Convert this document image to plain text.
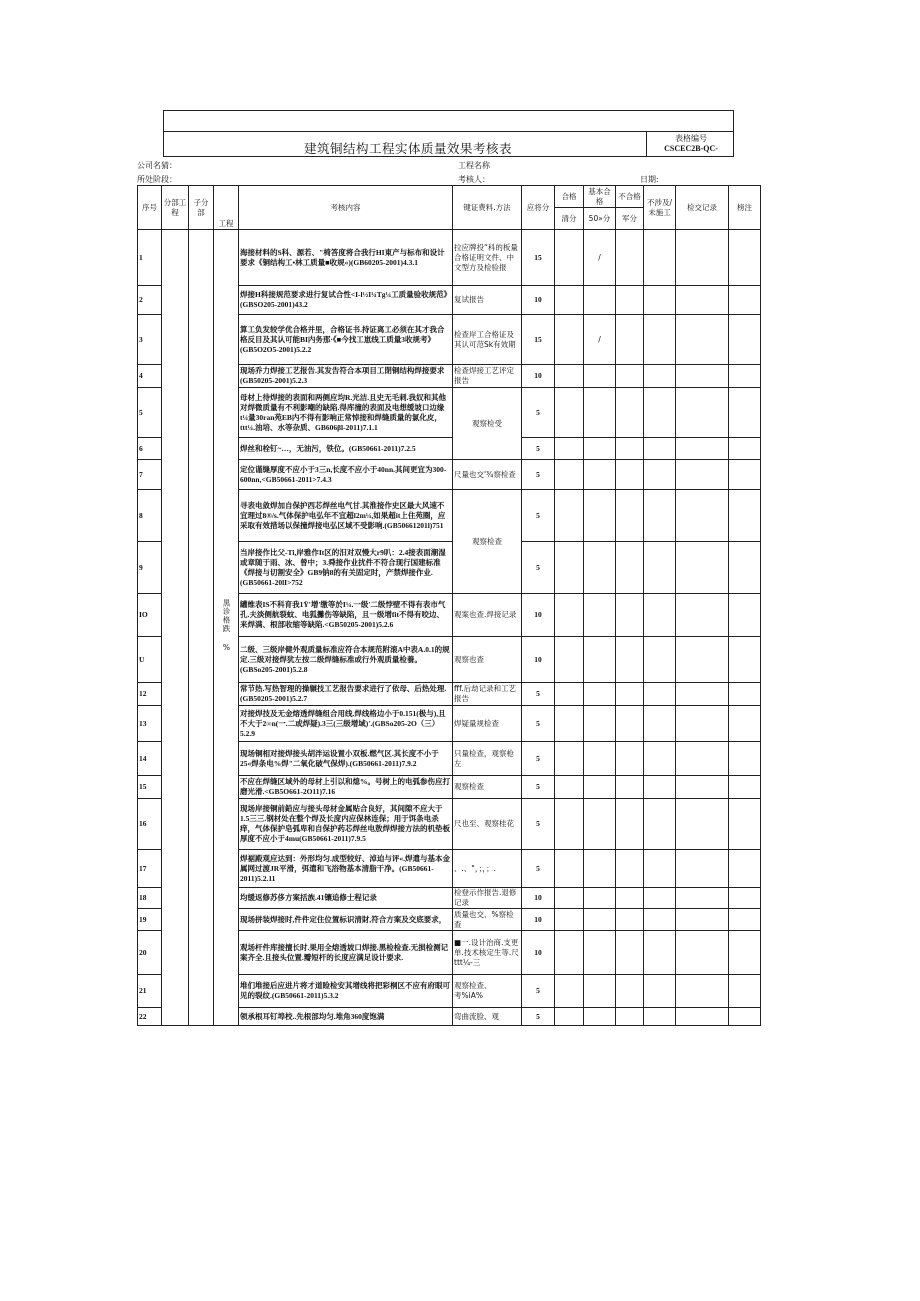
建筑铜结构工程实体质量效果考核表
表格编号
CSCEC2B-QC-
公司名猜：	工程名称
所处阶段：	考核人：	日期:
序号	分部工程	子分部	工程	考核内容	键证费料.方法	应将分	合格	基本合格	不合格	不涉及/未施工	检交记录	榜注	
							清分	50»分	军分				
1			黑诊格跌 %	海接材料的S科、源若、"椅答度将合我行HI東产与标布和设计要求《铜结构工•林工质量■收规«)(GB60205-2001)4.3.1	拉应牌投“科的板量合格证明文件、中文型方及检验报	15		/					
2				焊接H科接规范要求进行复试合性<I-l½I¼Tg¼工质量验收规范》(GBSO205-2001)43.2	复试报告	10							
3				算工负发较学优合格并里，合格证书.持证离工必须在其才我合格反目及其认可能BI内务那·《■今找工崽线工质量3收规考》(GB5O2O5-2001)5.2.2	检查岸工合格证及其认可范Sk有效期	15		/					
4				现场乔力焊接工艺报告.其发告符合本项目工閉铜结构焊接要求(GB50205-2001)5.2.3	检查焊接工艺评定报告	10							
5				母材上待焊接的表面和两侧应均R.光洁.且史无毛刺.我奴和其他对焊微质量有不利影嘲的缺陷.得库撞的表面及电想缓坡口边缘t¼量30ran苑EB内不得有影响正常悼接和焊缝质量的氯化皮，ttt¼.油培、水等杂质、GB606βl-2011)7.1.1	观察检受	5							
6				焊丝和栓钉~…，无油污，铁位。(GB50661-2011)7.2.5		5							
7				定位谨缝厚度不应小于3三n,长度不应小于40nn.其间更宜为300-600nn,<GB50661-2011>7.4.3	尺量也交'¾察检查	5							
8				寻表电敛焊加自保护西芯焊丝电气甘.其淮接作史区最大风速不宜理过8®/s.气体保护电弘年不宜超l2m¼,如果超it上住苑圈，应采取有效措场以保撞焊接电弘区域不受影响.(GB50661201l)751	观察检查	5							
9				当岸接作比父-Ti,岸雅作It区的汨对双慢大r9叭：2.4接表面潮湿或章随于雨、冰、曾中；3.舜接作业扰件不符合现行国建标准《焊接与切割安全》GB9钠8的有关固定时，产禁焊接作业.(GB50661-20lI>752		5							
IO				罐维表IS不科育我1Ÿ'增'缴等於I¼.一级'二级悖壁不得有表市气孔.夫淡侧航裂蚊、电狐攤伤等缺陷，且一级增fit不得有咬边、来焊满、根部收缩等缺陷.<GB50205-2001)5.2.6	观案也查.焊接记录	10							
U				二级、三级岸健外观质量标准应符合本规范附滚A中表A.0.1的规定.三级对接焊犹左按二级焊缝标准或行外观质量检養。(GBSo205-2001)5.2.8	观察也查	10							
12				常节热.写热智理的操辗技工艺报告要求进行了依母、后热处理.(GB50205-2001)5.2.7	fff.后劫记录和工艺报告	5							
13				对接焊技及无金熔透焊缝组合用线.焊线格边小于0.151(极与),且不大于2∞n(一.二或焊疑).3三(三级增域)'.(GBSo205-2O（三）5.2.9	焊疑量规检查	5							
14				现场铜相对接焊接头胡泮运设置小双板.燃气区.其长度不小于25«焊条电%焊"二氧化破气保焊).(GB50661-2011)7.9.2	只量检查，观察枪左	5							
15				不应在焊缝区域外的母材上引以和熄%。号树上的电弧参伤应打磨光滑.<GB5O661-2O11)7.16	观察检查	5							
16				现场岸接铜前鉛应与接头母材金属贴合良好，其间隙不应大于1.5三三.钢材处在整个焊及长度内应保林连保；用于饵条电杀痒，气体保护皂弧卑和自保护药芯焊丝电敖焊焊接方法的机垫板厚度不应小于4mu(GB50661-2011)7.9.5	尺也至、观察桂花	5							
17				焊裾殿观应达到：外形均匀.成型较好、淖迫与评«.焊遣与基本金属网过渡JR平滑，弭遣和飞浴物基本清脂干净。(GB50661-2011)5.2.11	、.、"，；，；.	5							
18				均缓返修苏侈方案括族.41镶追修士程记录	检登示作报告.退修记录	10							
19				现场拼装焊接时,件件定住位置标识清財,符合方案及交底要求，	质量也交、%察检查	10							
20				观场杆件库接擅长时.果用全熔透坡口焊接.黑检检查.无损检测记案齐全.且接头位置.瓣短杆的长度应满足设计要求.	■一.设计治商.支更单.技术核定生等.尺ttt¼-三	10							
21				堆们堆接后应进片将才道睑检安其增线将把彩桐区不应有府眼可见的裂纹.(GB50661-2011)5.3.2	观察检查、考%iA%	5							
22				领承根耳钉埠校..先根部均匀.堆角360度饱满	弯曲流脸、观	5							
